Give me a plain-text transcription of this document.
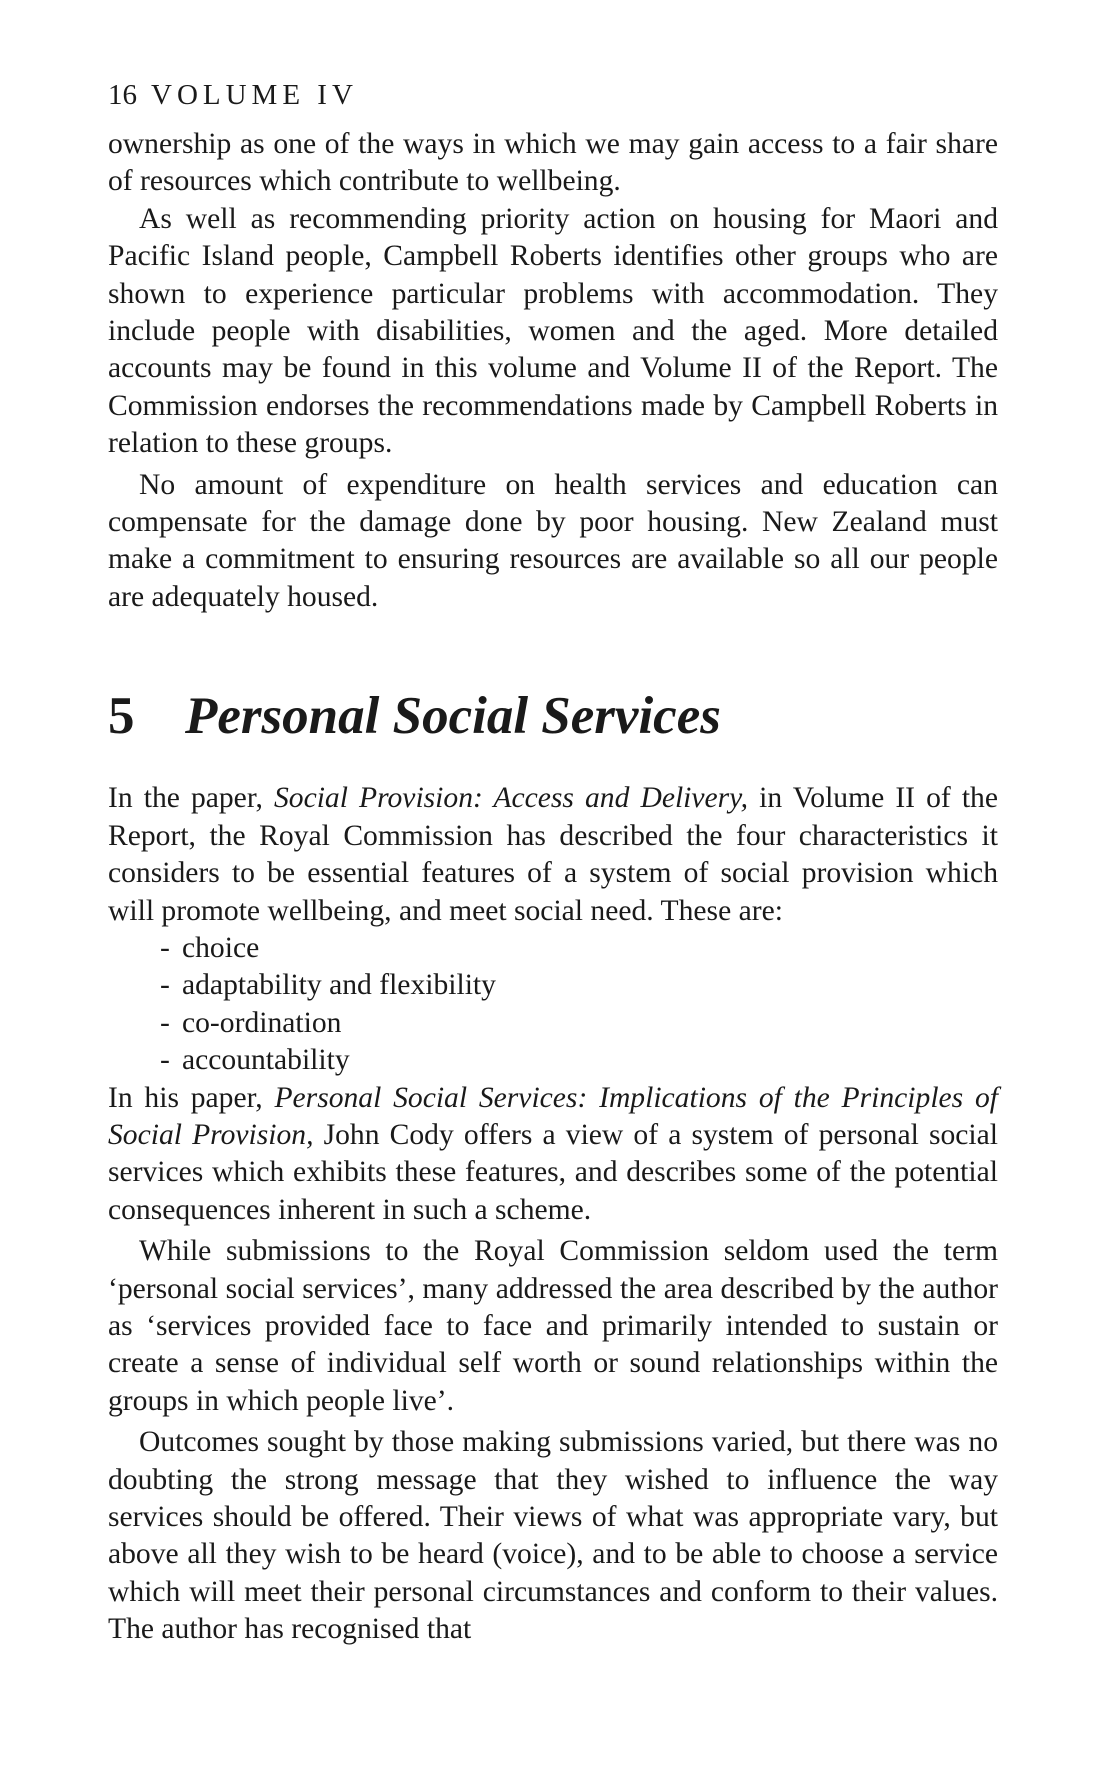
16 VOLUME IV

ownership as one of the ways in which we may gain access to a fair share of resources which contribute to wellbeing.

As well as recommending priority action on housing for Maori and Pacific Island people, Campbell Roberts identifies other groups who are shown to experience particular problems with accommodation. They include people with disabilities, women and the aged. More detailed accounts may be found in this volume and Volume II of the Report. The Commission endorses the recommendations made by Campbell Roberts in relation to these groups.

No amount of expenditure on health services and education can compensate for the damage done by poor housing. New Zealand must make a commitment to ensuring resources are available so all our people are adequately housed.

5 Personal Social Services

In the paper, Social Provision: Access and Delivery, in Volume II of the Report, the Royal Commission has described the four characteristics it considers to be essential features of a system of social provision which will promote wellbeing, and meet social need. These are:

- choice
- adaptability and flexibility
- co-ordination
- accountability

In his paper, Personal Social Services: Implications of the Principles of Social Provision, John Cody offers a view of a system of personal social services which exhibits these features, and describes some of the potential consequences inherent in such a scheme.

While submissions to the Royal Commission seldom used the term ‘personal social services’, many addressed the area described by the author as ‘services provided face to face and primarily intended to sustain or create a sense of individual self worth or sound relationships within the groups in which people live’.

Outcomes sought by those making submissions varied, but there was no doubting the strong message that they wished to influence the way services should be offered. Their views of what was appropriate vary, but above all they wish to be heard (voice), and to be able to choose a service which will meet their personal circumstances and conform to their values. The author has recognised that
